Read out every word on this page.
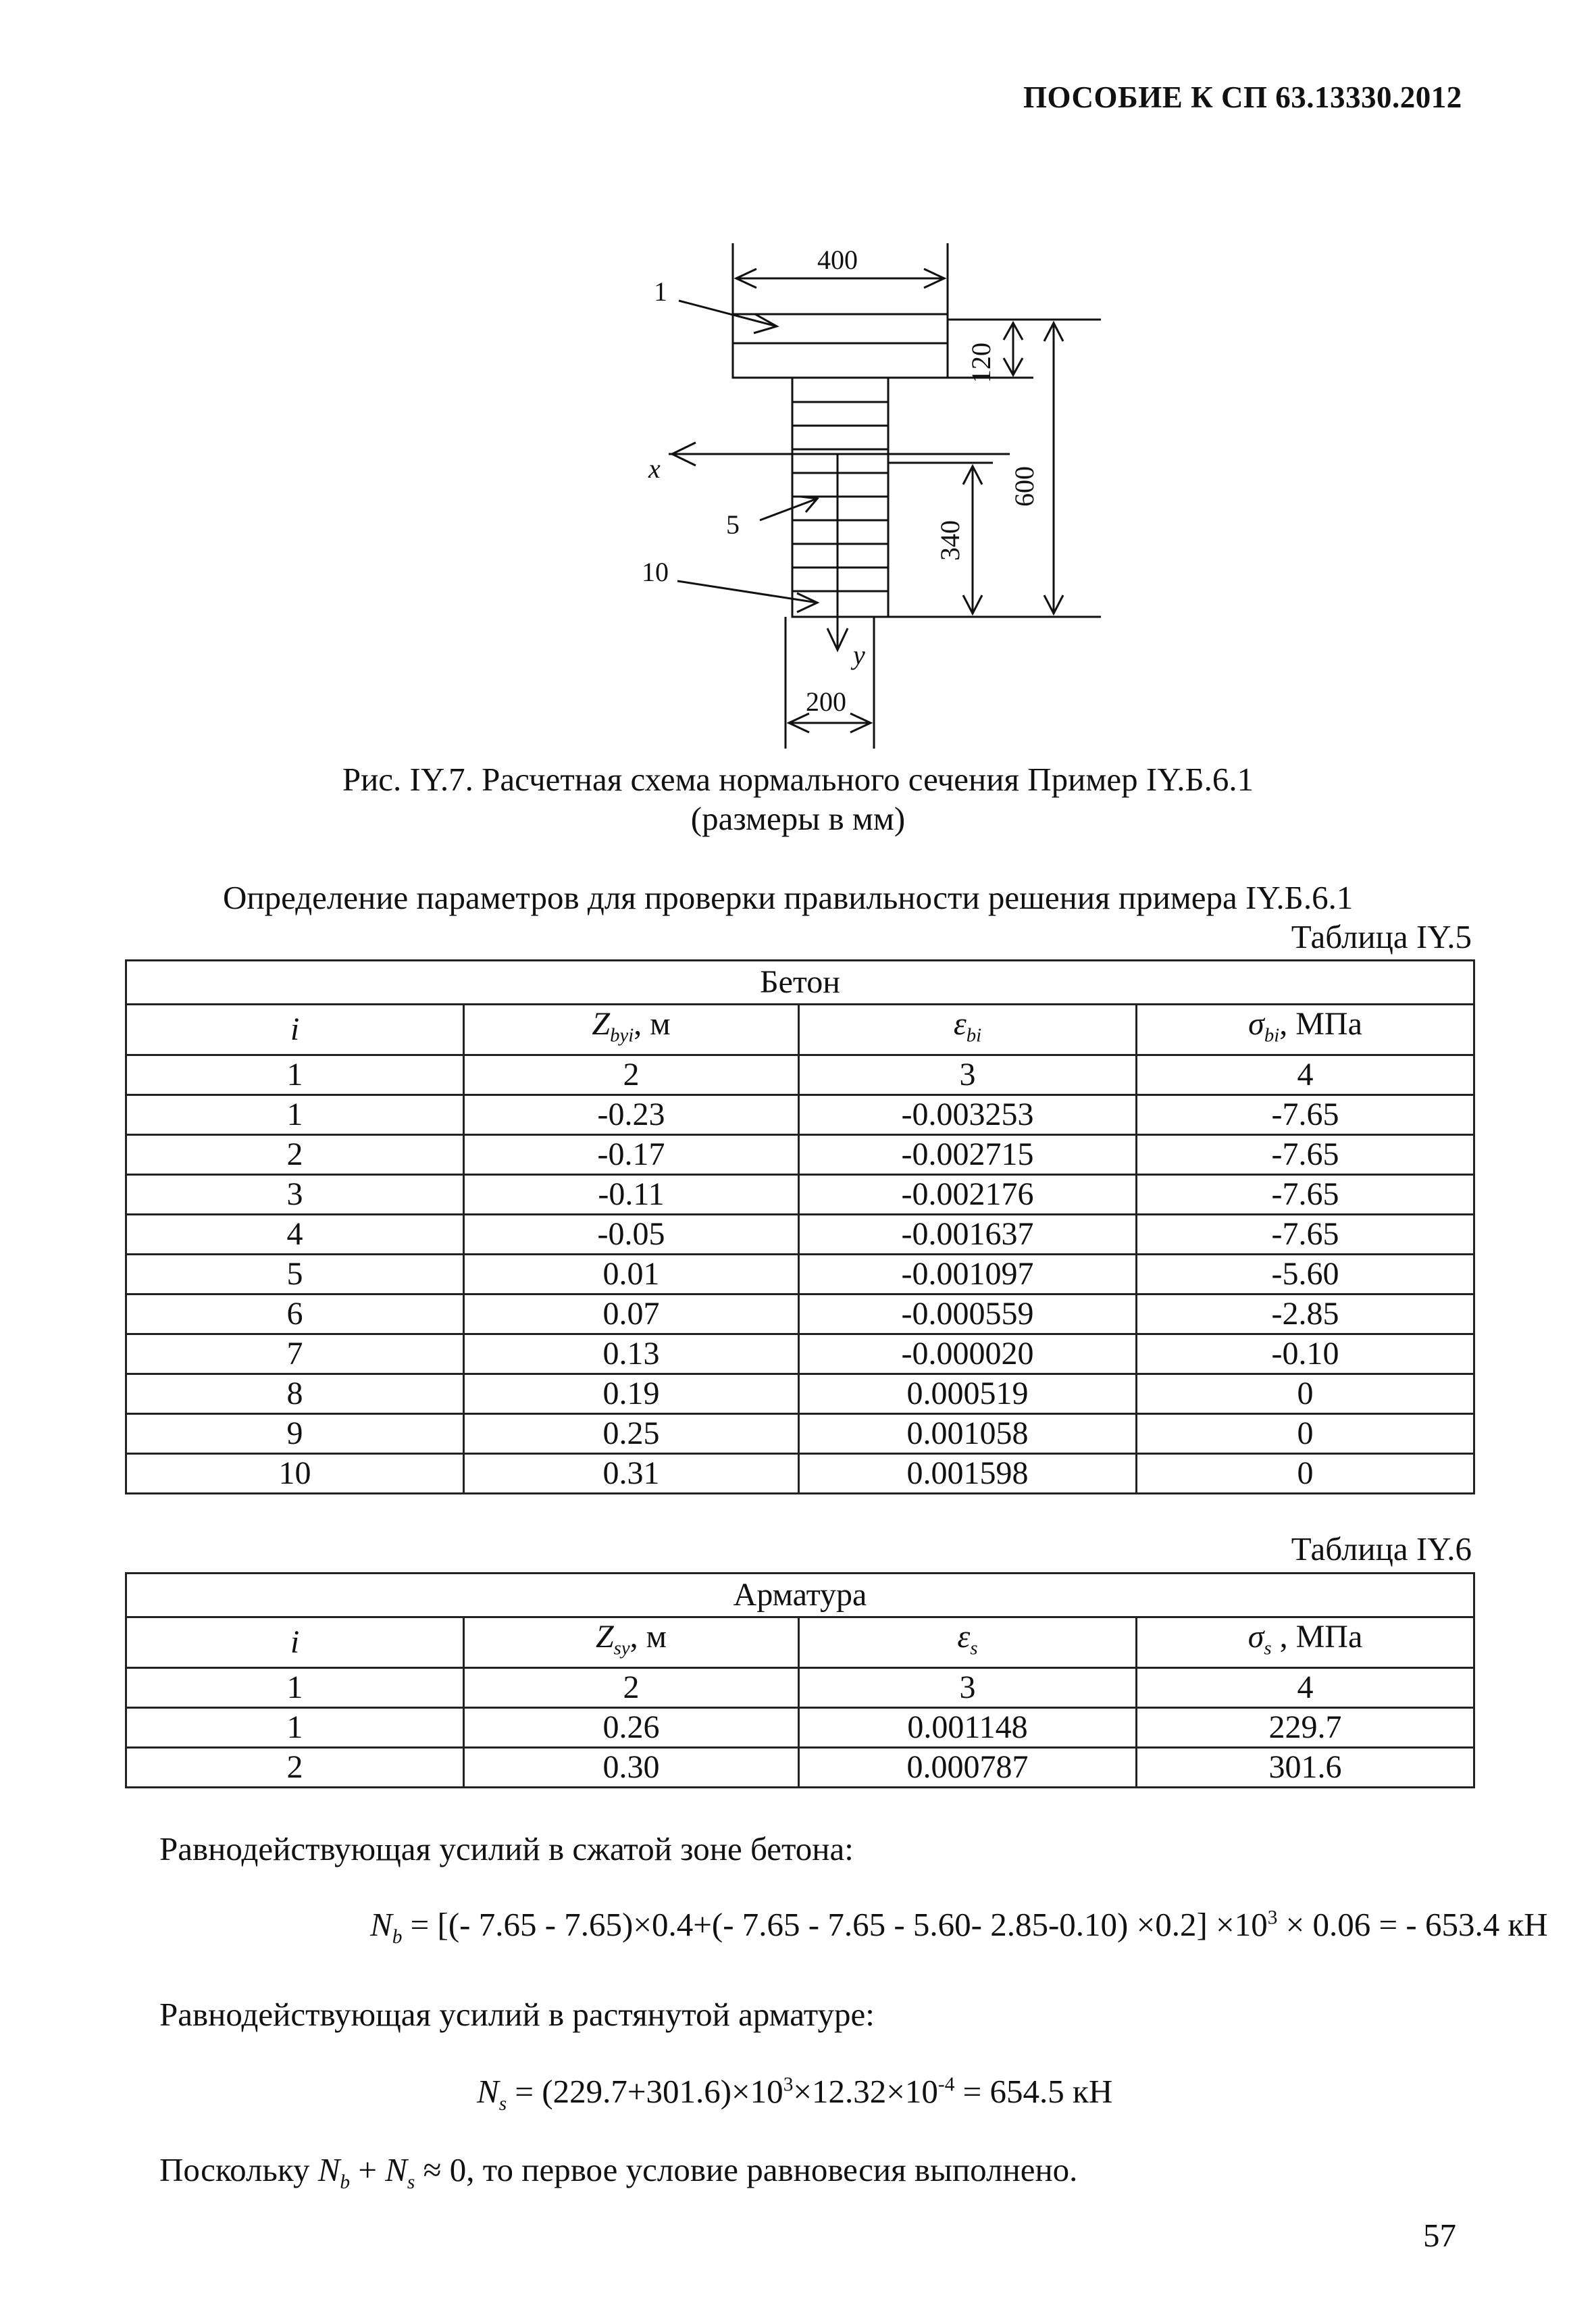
ПОСОБИЕ К СП 63.13330.2012
400
1
x
5
10
y
200
120
600
340
Рис. IY.7. Расчетная схема нормального сечения Пример IY.Б.6.1
(размеры в мм)
Определение параметров для проверки правильности решения примера IY.Б.6.1
Таблица IY.5
Бетон			
i	$Z_{byi}$, м	$\varepsilon_{bi}$	$\sigma_{bi}$, МПа
1	2	3	4
1	-0.23	-0.003253	-7.65
2	-0.17	-0.002715	-7.65
3	-0.11	-0.002176	-7.65
4	-0.05	-0.001637	-7.65
5	0.01	-0.001097	-5.60
6	0.07	-0.000559	-2.85
7	0.13	-0.000020	-0.10
8	0.19	0.000519	0
9	0.25	0.001058	0
10	0.31	0.001598	0
Таблица IY.6
Арматура			
i	$Z_{sy}$, м	$\varepsilon_s$	$\sigma_s$ , МПа
1	2	3	4
1	0.26	0.001148	229.7
2	0.30	0.000787	301.6
Равнодействующая усилий в сжатой зоне бетона:
$N_b$ = [(- 7.65 - 7.65)×0.4+(- 7.65 - 7.65 - 5.60- $2.85-0.10) \times 0.2] \times 10^3 \times 0.06$ = - 653.4 кН
Равнодействующая усилий в растянутой арматуре:
$N_s = (229.7+301.6)\times 10^3\times 12.32\times 10^{-4} = 654.5$ кН
Поскольку $N_b + N_s \approx 0$, то первое условие равновесия выполнено.
57
